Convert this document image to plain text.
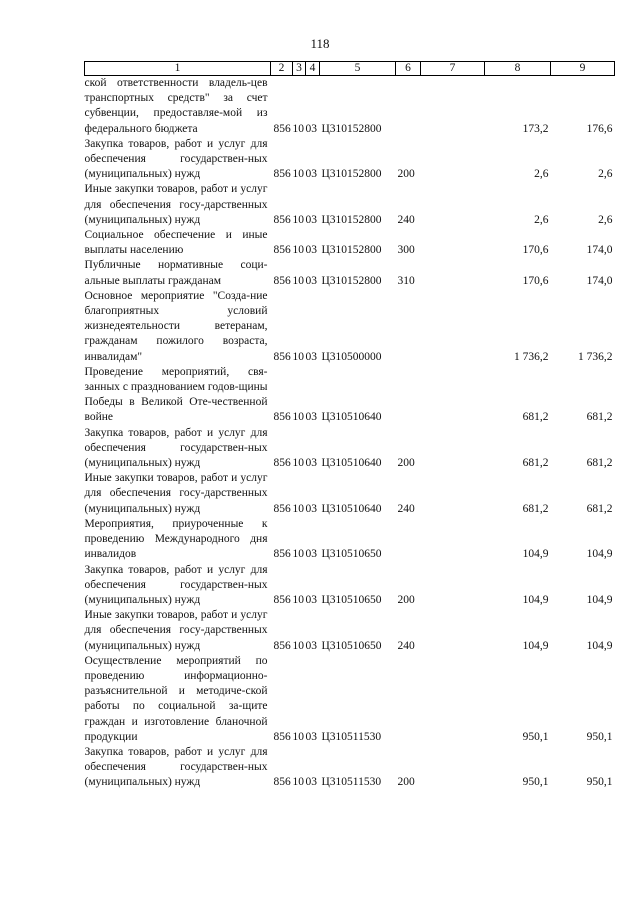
118
1	2	3	4	5	6	7	8	9
ской ответственности владель-цев транспортных средств" за счет субвенции, предоставляе-мой из федерального бюджета	856	10	03	Ц310152800			173,2	176,6
Закупка товаров, работ и услуг для обеспечения государствен-ных (муниципальных) нужд	856	10	03	Ц310152800	200		2,6	2,6
Иные закупки товаров, работ и услуг для обеспечения госу-дарственных (муниципальных) нужд	856	10	03	Ц310152800	240		2,6	2,6
Социальное обеспечение и иные выплаты населению	856	10	03	Ц310152800	300		170,6	174,0
Публичные нормативные соци-альные выплаты гражданам	856	10	03	Ц310152800	310		170,6	174,0
Основное мероприятие "Созда-ние благоприятных условий жизнедеятельности ветеранам, гражданам пожилого возраста, инвалидам"	856	10	03	Ц310500000			1 736,2	1 736,2
Проведение мероприятий, свя-занных с празднованием годов-щины Победы в Великой Оте-чественной войне	856	10	03	Ц310510640			681,2	681,2
Закупка товаров, работ и услуг для обеспечения государствен-ных (муниципальных) нужд	856	10	03	Ц310510640	200		681,2	681,2
Иные закупки товаров, работ и услуг для обеспечения госу-дарственных (муниципальных) нужд	856	10	03	Ц310510640	240		681,2	681,2
Мероприятия, приуроченные к проведению Международного дня инвалидов	856	10	03	Ц310510650			104,9	104,9
Закупка товаров, работ и услуг для обеспечения государствен-ных (муниципальных) нужд	856	10	03	Ц310510650	200		104,9	104,9
Иные закупки товаров, работ и услуг для обеспечения госу-дарственных (муниципальных) нужд	856	10	03	Ц310510650	240		104,9	104,9
Осуществление мероприятий по проведению информационно-разъяснительной и методиче-ской работы по социальной за-щите граждан и изготовление бланочной продукции	856	10	03	Ц310511530			950,1	950,1
Закупка товаров, работ и услуг для обеспечения государствен-ных (муниципальных) нужд	856	10	03	Ц310511530	200		950,1	950,1
